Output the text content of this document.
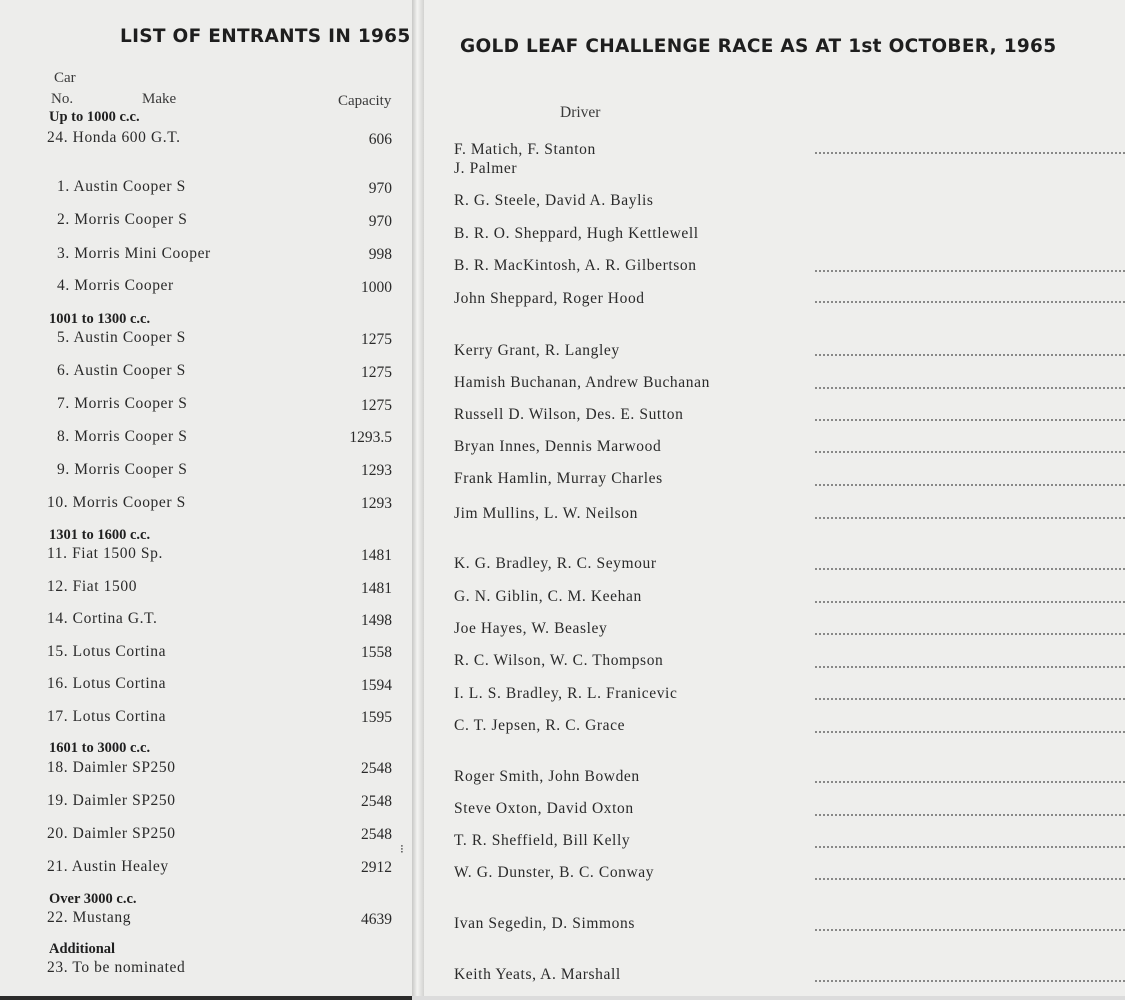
LIST OF ENTRANTS IN 1965
Car
No.	Make	Capacity
Up to 1000 c.c.
24. Honda 600 G.T.	606
1. Austin Cooper S	970
2. Morris Cooper S	970
3. Morris Mini Cooper	998
4. Morris Cooper	1000
1001 to 1300 c.c.
5. Austin Cooper S	1275
6. Austin Cooper S	1275
7. Morris Cooper S	1275
8. Morris Cooper S	1293.5
9. Morris Cooper S	1293
10. Morris Cooper S	1293
1301 to 1600 c.c.
11. Fiat 1500 Sp.	1481
12. Fiat 1500	1481
14. Cortina G.T.	1498
15. Lotus Cortina	1558
16. Lotus Cortina	1594
17. Lotus Cortina	1595
1601 to 3000 c.c.
18. Daimler SP250	2548
19. Daimler SP250	2548
20. Daimler SP250	2548
21. Austin Healey	2912
Over 3000 c.c.
22. Mustang	4639
Additional
23. To be nominated
GOLD LEAF CHALLENGE RACE AS AT 1st OCTOBER, 1965
Driver
⁝
F. Matich, F. Stanton
J. Palmer
R. G. Steele, David A. Baylis
B. R. O. Sheppard, Hugh Kettlewell
B. R. MacKintosh, A. R. Gilbertson
John Sheppard, Roger Hood
Kerry Grant, R. Langley
Hamish Buchanan, Andrew Buchanan
Russell D. Wilson, Des. E. Sutton
Bryan Innes, Dennis Marwood
Frank Hamlin, Murray Charles
Jim Mullins, L. W. Neilson
K. G. Bradley, R. C. Seymour
G. N. Giblin, C. M. Keehan
Joe Hayes, W. Beasley
R. C. Wilson, W. C. Thompson
I. L. S. Bradley, R. L. Franicevic
C. T. Jepsen, R. C. Grace
Roger Smith, John Bowden
Steve Oxton, David Oxton
T. R. Sheffield, Bill Kelly
W. G. Dunster, B. C. Conway
Ivan Segedin, D. Simmons
Keith Yeats, A. Marshall
